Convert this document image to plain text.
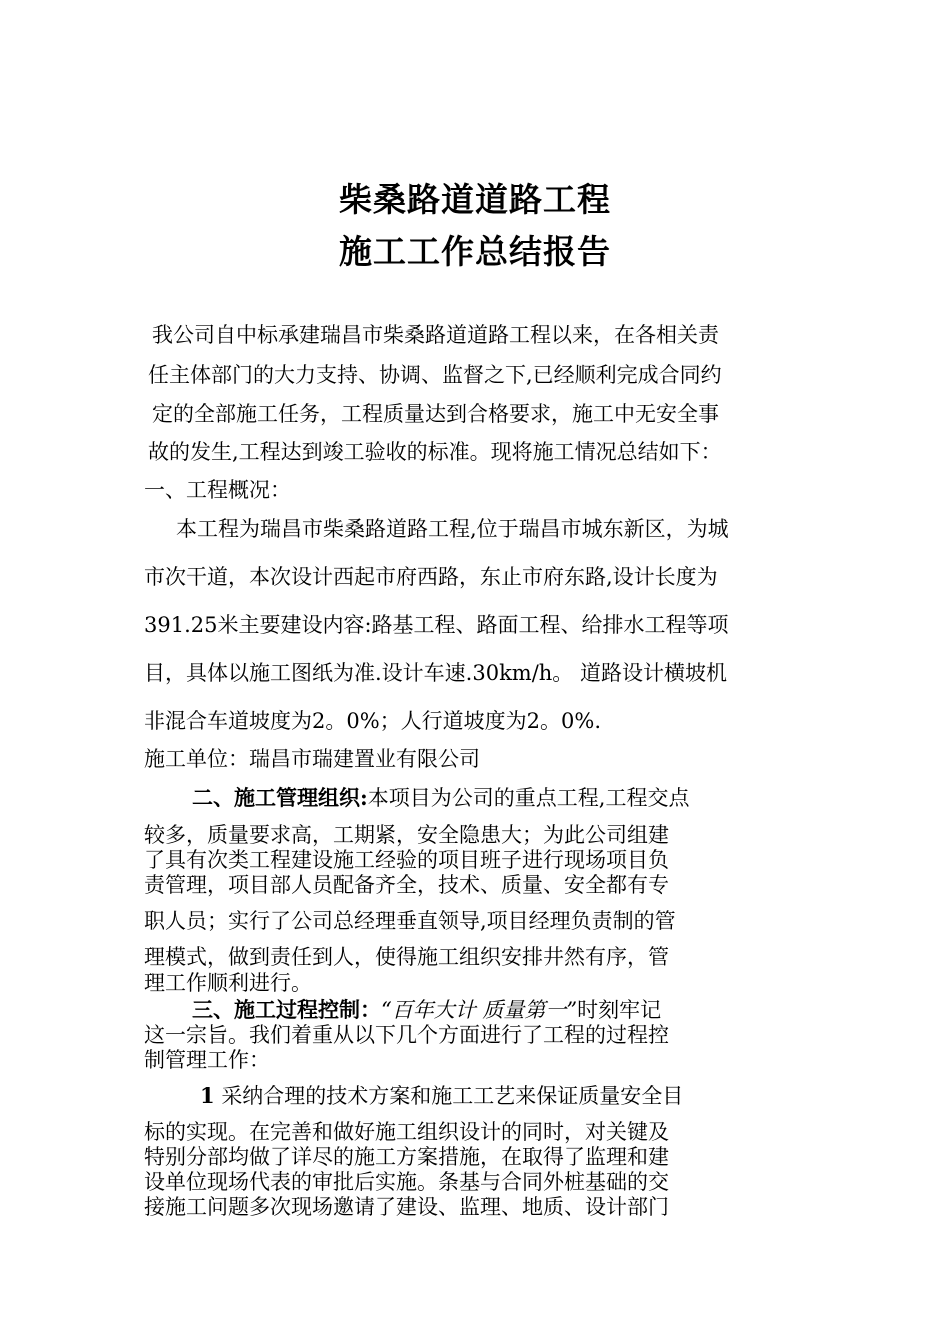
柴桑路道道路工程
施工工作总结报告
我公司自中标承建瑞昌市柴桑路道道路工程以来，在各相关责
任主体部门的大力支持、协调、监督之下,已经顺利完成合同约
定的全部施工任务，工程质量达到合格要求，施工中无安全事
故的发生,工程达到竣工验收的标准。现将施工情况总结如下：
一、工程概况：
本工程为瑞昌市柴桑路道路工程,位于瑞昌市城东新区，为城
市次干道，本次设计西起市府西路，东止市府东路,设计长度为
391.25米主要建设内容:路基工程、路面工程、给排水工程等项
目，具体以施工图纸为准.设计车速.30km/h。 道路设计横坡机
非混合车道坡度为2。0%；人行道坡度为2。0%.
施工单位：瑞昌市瑞建置业有限公司
二、施工管理组织:本项目为公司的重点工程,工程交点
较多，质量要求高，工期紧，安全隐患大；为此公司组建
了具有次类工程建设施工经验的项目班子进行现场项目负
责管理，项目部人员配备齐全，技术、质量、安全都有专
职人员；实行了公司总经理垂直领导,项目经理负责制的管
理模式，做到责任到人，使得施工组织安排井然有序，管
理工作顺利进行。
三、施工过程控制：“百年大计 质量第一”时刻牢记
这一宗旨。我们着重从以下几个方面进行了工程的过程控
制管理工作：
1 采纳合理的技术方案和施工工艺来保证质量安全目
标的实现。在完善和做好施工组织设计的同时，对关键及
特别分部均做了详尽的施工方案措施，在取得了监理和建
设单位现场代表的审批后实施。条基与合同外桩基础的交
接施工问题多次现场邀请了建设、监理、地质、设计部门
